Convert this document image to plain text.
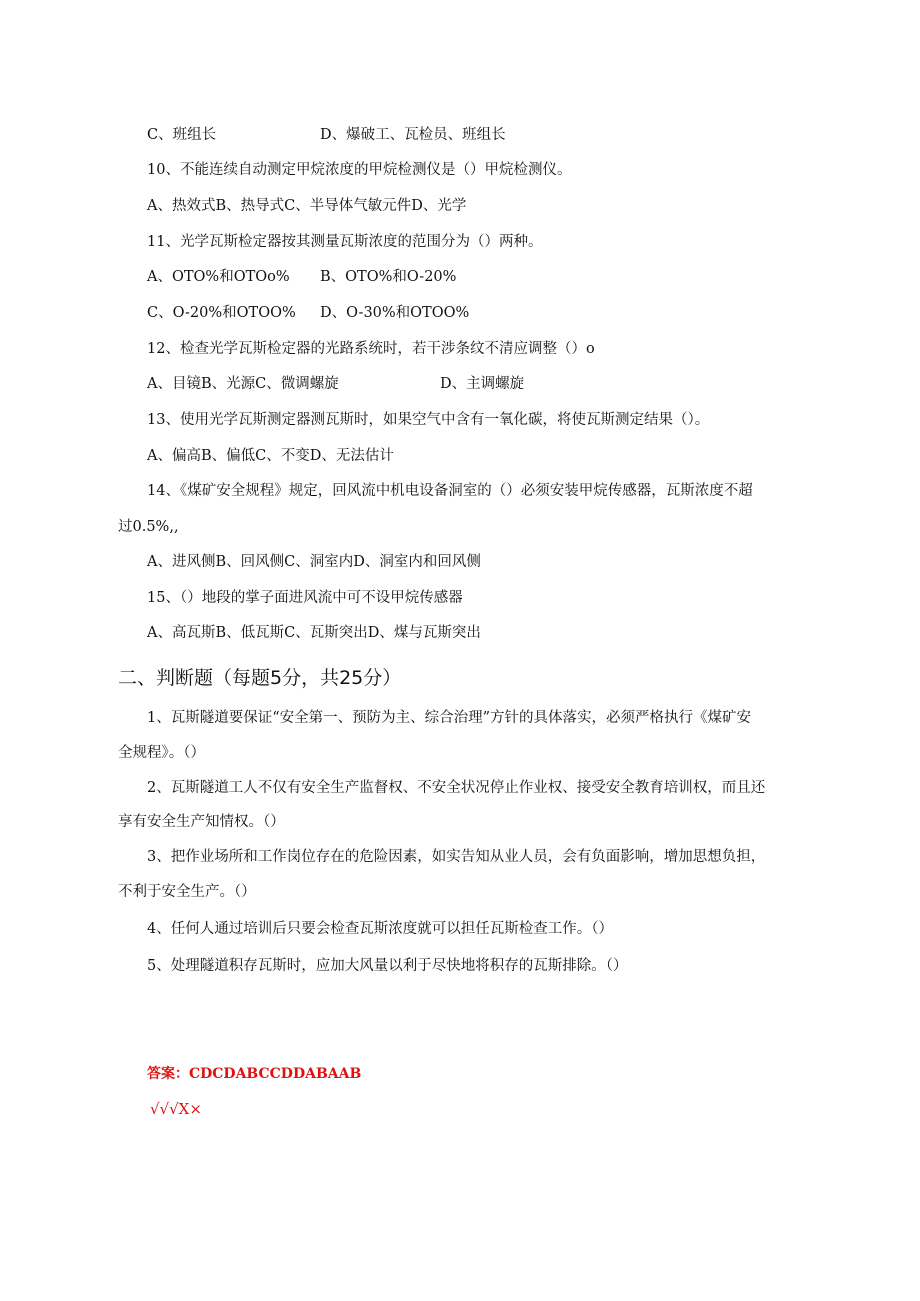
C、班组长	D、爆破工、瓦检员、班组长
10、不能连续自动测定甲烷浓度的甲烷检测仪是（）甲烷检测仪。
A、热效式B、热导式C、半导体气敏元件D、光学
11、光学瓦斯检定器按其测量瓦斯浓度的范围分为（）两种。
A、OTO%和OTOo% B、OTO%和O-20%
C、O-20%和OTOO% D、O-30%和OTOO%
12、检查光学瓦斯检定器的光路系统时，若干涉条纹不清应调整（）o
A、目镜B、光源C、微调螺旋	D、主调螺旋
13、使用光学瓦斯测定器测瓦斯时，如果空气中含有一氧化碳，将使瓦斯测定结果（）。
A、偏高B、偏低C、不变D、无法估计
14、《煤矿安全规程》规定，回风流中机电设备洞室的（）必须安装甲烷传感器，瓦斯浓度不超
过0.5%,,
A、进风侧B、回风侧C、洞室内D、洞室内和回风侧
15、（）地段的掌子面进风流中可不设甲烷传感器
A、高瓦斯B、低瓦斯C、瓦斯突出D、煤与瓦斯突出
二、判断题（每题5分，共25分）
1、瓦斯隧道要保证“安全第一、预防为主、综合治理”方针的具体落实，必须严格执行《煤矿安
全规程》。（）
2、瓦斯隧道工人不仅有安全生产监督权、不安全状况停止作业权、接受安全教育培训权，而且还
享有安全生产知情权。（）
3、把作业场所和工作岗位存在的危险因素，如实告知从业人员，会有负面影响，增加思想负担，
不利于安全生产。（）
4、任何人通过培训后只要会检查瓦斯浓度就可以担任瓦斯检查工作。（）
5、处理隧道积存瓦斯时，应加大风量以利于尽快地将积存的瓦斯排除。（）
答案：CDCDABCCDDABAAB
√√√X×
